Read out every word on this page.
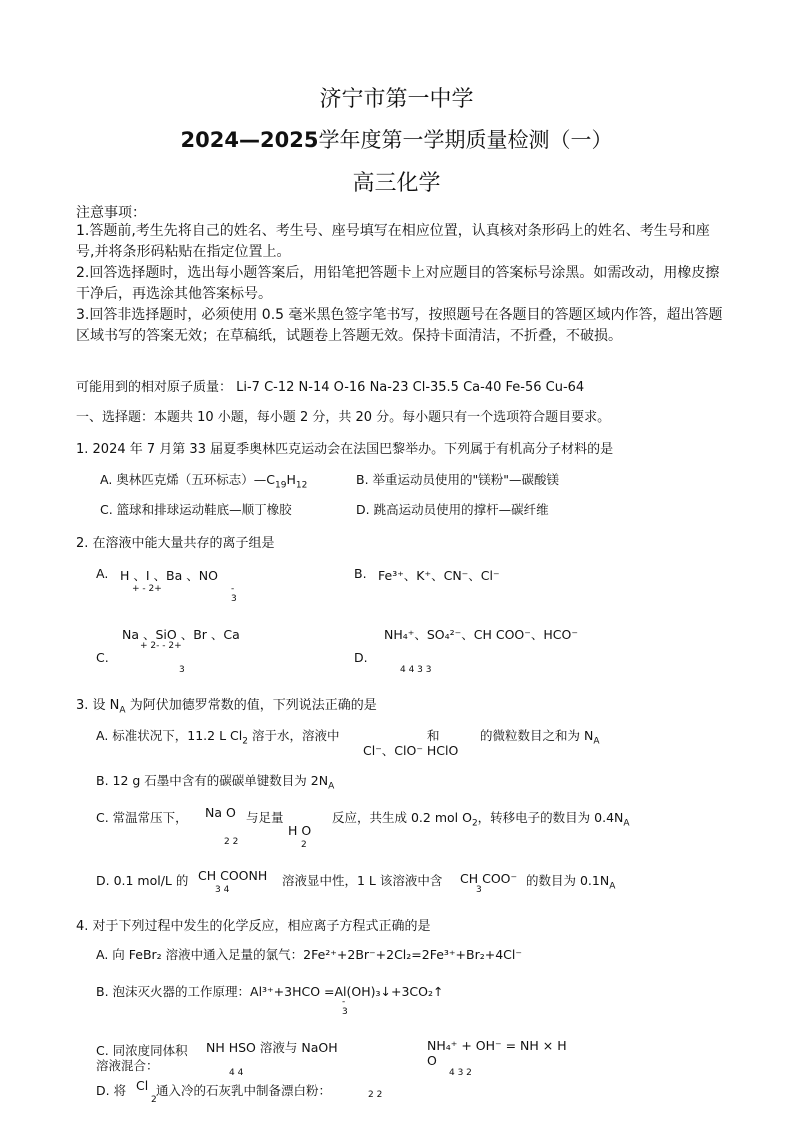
济宁市第一中学
2024—2025学年度第一学期质量检测（一）
高三化学
注意事项：
1.答题前,考生先将自己的姓名、考生号、座号填写在相应位置，认真核对条形码上的姓名、考生号和座号,并将条形码粘贴在指定位置上。
2.回答选择题时，选出每小题答案后，用铅笔把答题卡上对应题目的答案标号涂黑。如需改动，用橡皮擦干净后，再选涂其他答案标号。
3.回答非选择题时，必须使用 0.5 毫米黑色签字笔书写，按照题号在各题目的答题区域内作答，超出答题区域书写的答案无效；在草稿纸，试题卷上答题无效。保持卡面清洁，不折叠，不破损。
可能用到的相对原子质量： Li-7 C-12 N-14 O-16 Na-23 Cl-35.5 Ca-40 Fe-56 Cu-64
一、选择题：本题共 10 小题，每小题 2 分，共 20 分。每小题只有一个选项符合题目要求。
1. 2024 年 7 月第 33 届夏季奥林匹克运动会在法国巴黎举办。下列属于有机高分子材料的是
A. 奥林匹克烯（五环标志）$—C_{19}H_{12}$	B. 举重运动员使用的"镁粉"—碳酸镁
C. 篮球和排球运动鞋底—顺丁橡胶	D. 跳高运动员使用的撑杆—碳纤维
2. 在溶液中能大量共存的离子组是
A. H 、I 、Ba 、NO
+ - 2+	-
3
B. Fe³⁺、K⁺、CN⁻、Cl⁻
Na 、SiO 、Br 、Ca
+ 2- - 2+
C.
3
NH₄⁺、SO₄²⁻、CH COO⁻、HCO⁻
D.
4 4 3 3
3. 设 $N_A$ 为阿伏加德罗常数的值，下列说法正确的是
A. 标准状况下，11.2 L $Cl_2$ 溶于水，溶液中	和	的微粒数目之和为 $N_A$
Cl⁻、ClO⁻ HClO
B. 12 g 石墨中含有的碳碳单键数目为 $2N_A$
C. 常温常压下， Na O
2 2
与足量
H O
2
反应，共生成 0.2 mol $O_2$，转移电子的数目为 $0.4N_A$
D. 0.1 mol/L 的 CH COONH
3 4
溶液显中性，1 L 该溶液中含 CH COO⁻
3
的数目为 $0.1N_A$
4. 对于下列过程中发生的化学反应，相应离子方程式正确的是
A. 向 FeBr₂ 溶液中通入足量的氯气：2Fe²⁺+2Br⁻+2Cl₂=2Fe³⁺+Br₂+4Cl⁻
B. 泡沫灭火器的工作原理：Al³⁺+3HCO =Al(OH)₃↓+3CO₂↑
-
3
C. 同浓度同体积 NH HSO 溶液与 NaOH
4 4
溶液混合：
NH₄⁺ + OH⁻ = NH × H
O
4 3 2
D. 将 Cl
2
通入冷的石灰乳中制备漂白粉：	2 2
